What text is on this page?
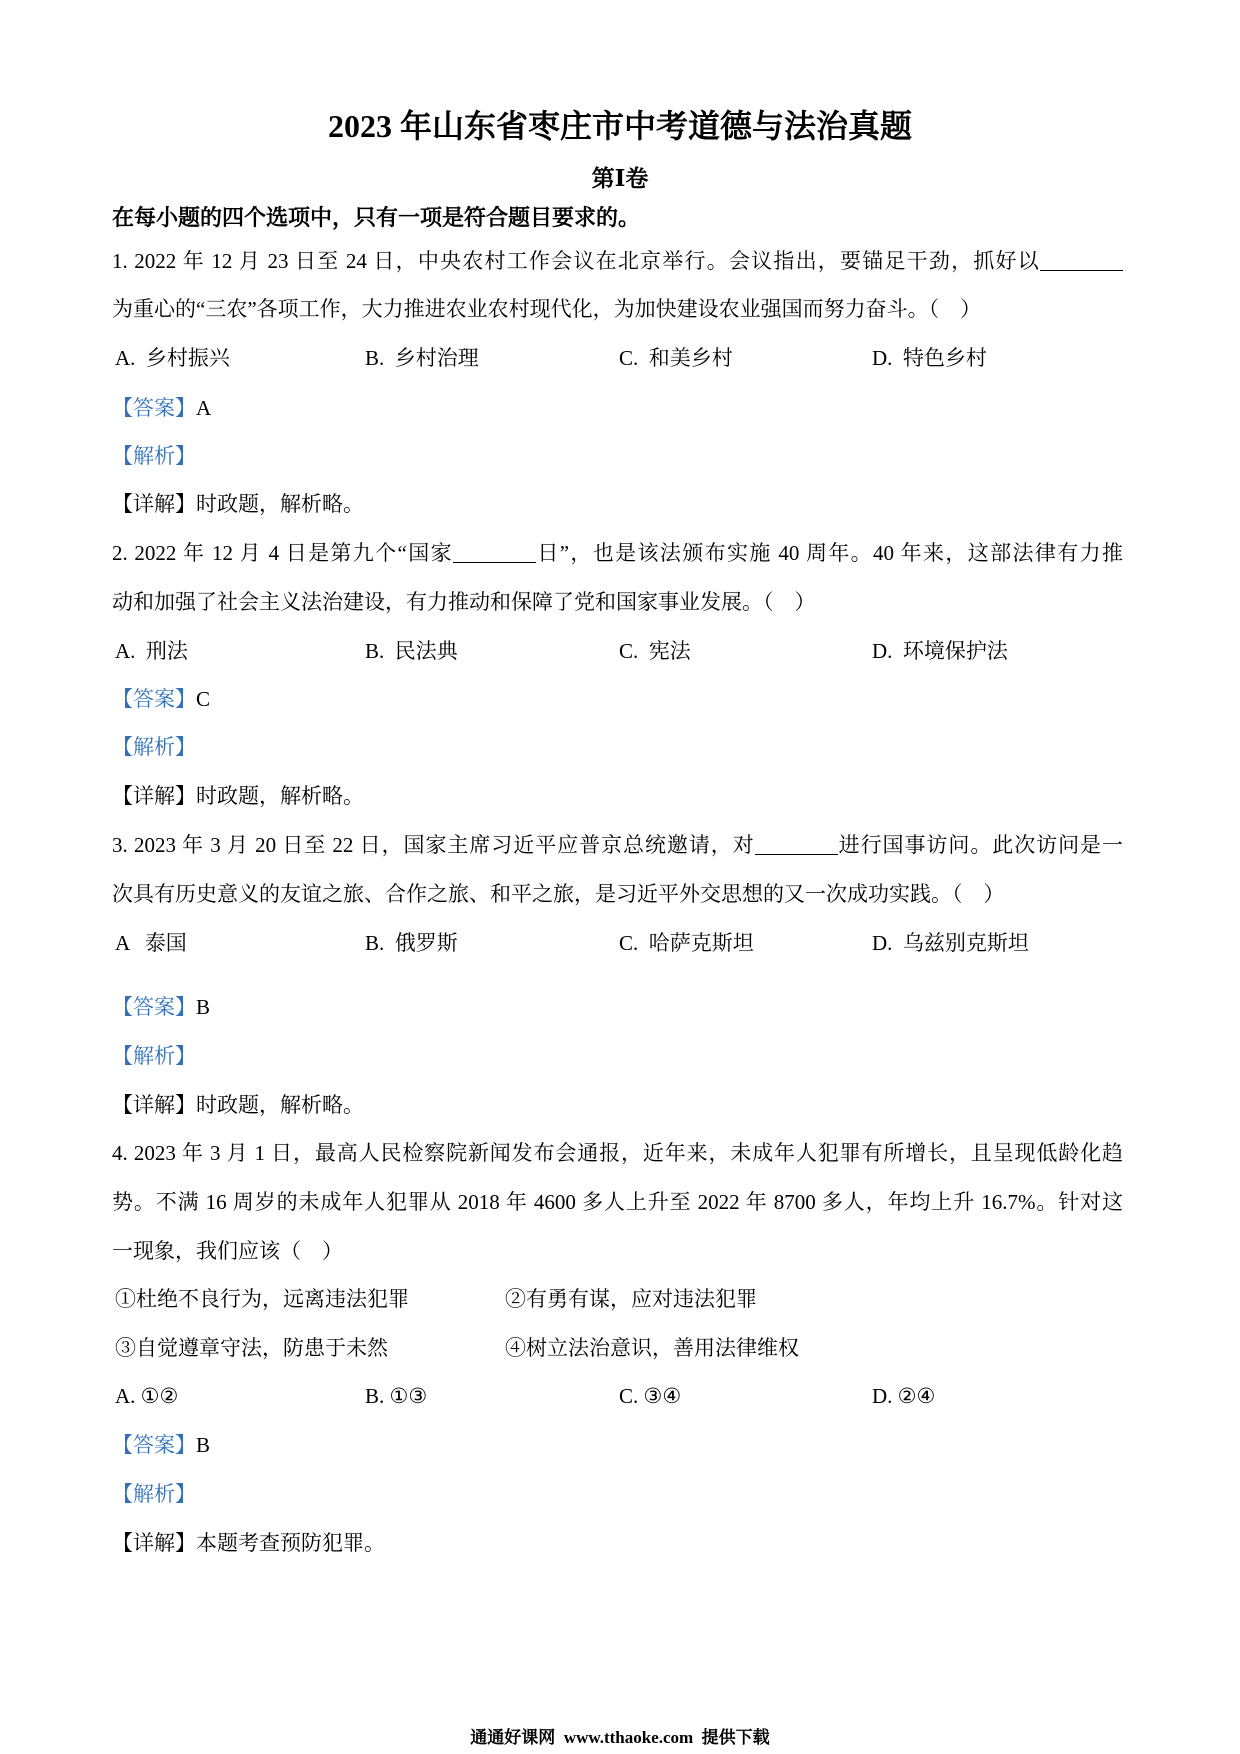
2023 年山东省枣庄市中考道德与法治真题
第Ⅰ卷
在每小题的四个选项中，只有一项是符合题目要求的。
1. 2022 年 12 月 23 日至 24 日，中央农村工作会议在北京举行。会议指出，要锚足干劲，抓好以
为重心的“三农”各项工作，大力推进农业农村现代化，为加快建设农业强国而努力奋斗。（　）
A.  乡村振兴	B.  乡村治理	C.  和美乡村	D.  特色乡村
【答案】A
【解析】
【详解】时政题，解析略。
2. 2022 年 12 月 4 日是第九个“国家	日”，也是该法颁布实施 40 周年。40 年来，这部法律有力推
动和加强了社会主义法治建设，有力推动和保障了党和国家事业发展。（　）
A.  刑法	B.  民法典	C.  宪法	D.  环境保护法
【答案】C
【解析】
【详解】时政题，解析略。
3. 2023 年 3 月 20 日至 22 日，国家主席习近平应普京总统邀请，对	进行国事访问。此次访问是一
次具有历史意义的友谊之旅、合作之旅、和平之旅，是习近平外交思想的又一次成功实践。（　）
A   泰国	B.  俄罗斯	C.  哈萨克斯坦	D.  乌兹别克斯坦
【答案】B
【解析】
【详解】时政题，解析略。
4. 2023 年 3 月 1 日，最高人民检察院新闻发布会通报，近年来，未成年人犯罪有所增长，且呈现低龄化趋
势。不满 16 周岁的未成年人犯罪从 2018 年 4600 多人上升至 2022 年 8700 多人，年均上升 16.7%。针对这
一现象，我们应该（　）
①杜绝不良行为，远离违法犯罪	②有勇有谋，应对违法犯罪
③自觉遵章守法，防患于未然	④树立法治意识，善用法律维权
A. ①②	B. ①③	C. ③④	D. ②④
【答案】B
【解析】
【详解】本题考查预防犯罪。
通通好课网  www.tthaoke.com  提供下载
